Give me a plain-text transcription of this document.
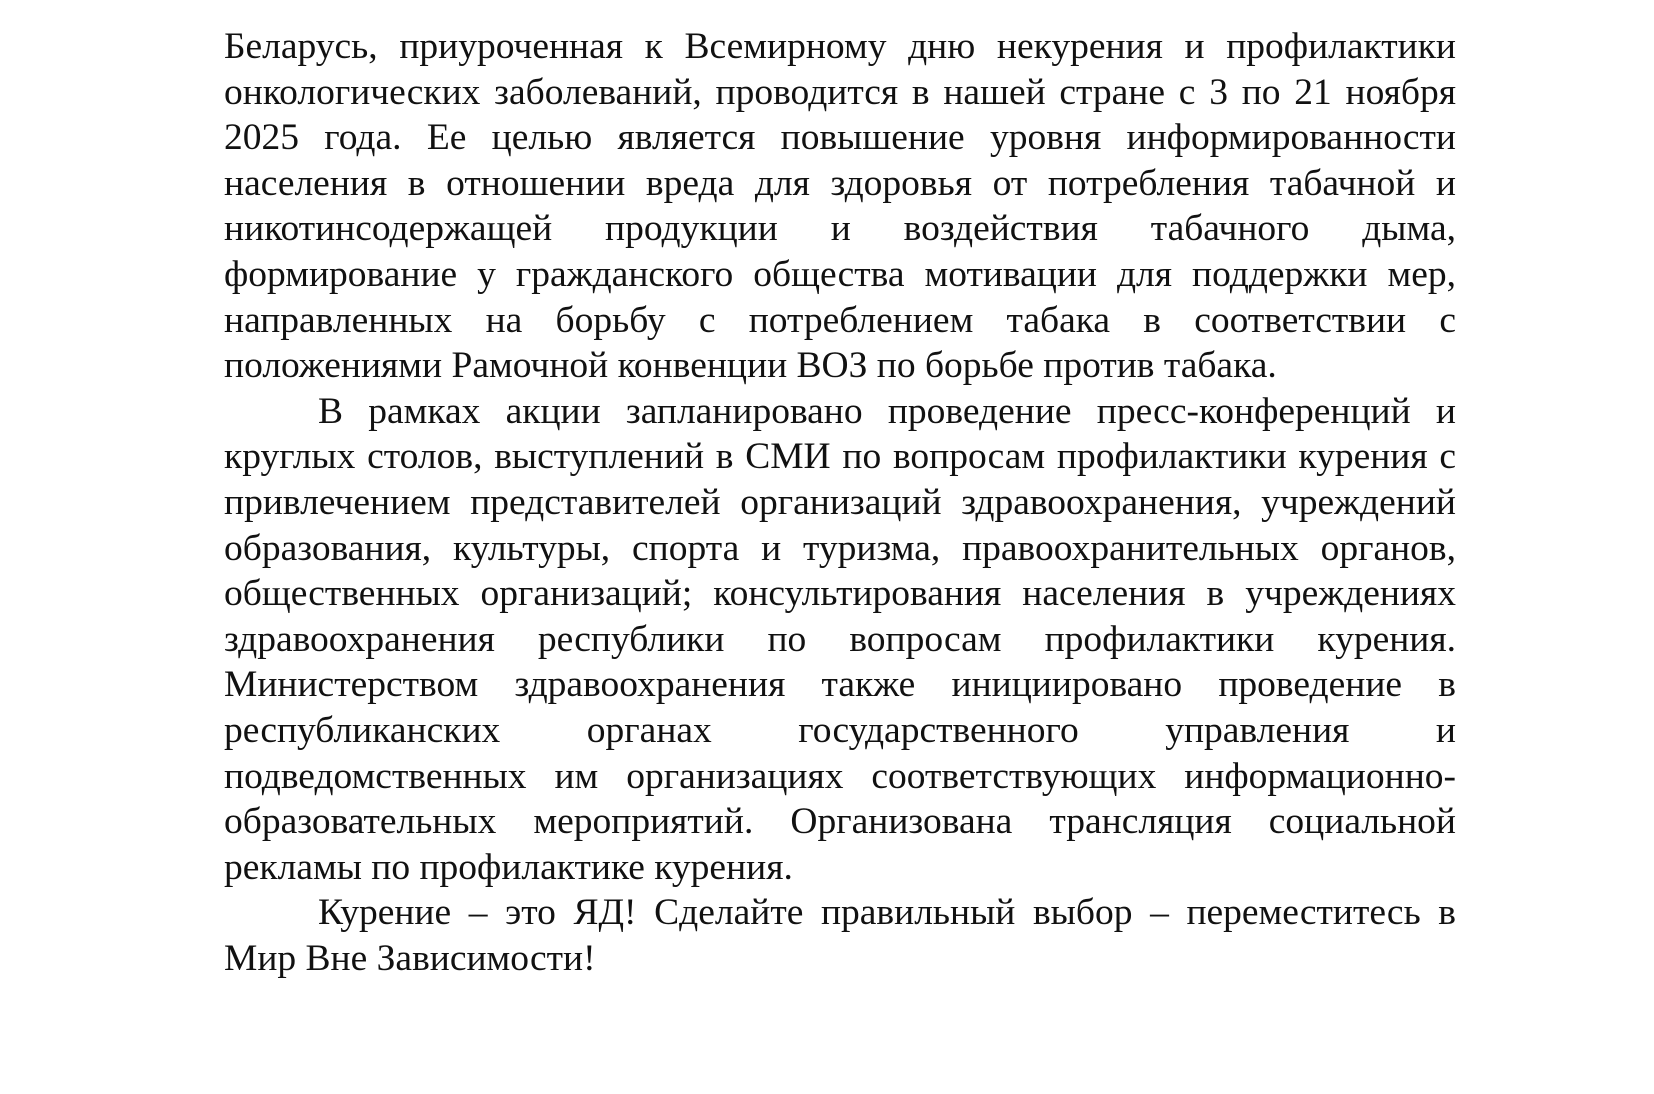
Беларусь, приуроченная к Всемирному дню некурения и профилактики онкологических заболеваний, проводится в нашей стране с 3 по 21 ноября 2025 года. Ее целью является повышение уровня информированности населения в отношении вреда для здоровья от потребления табачной и никотинсодержащей продукции и воздействия табачного дыма, формирование у гражданского общества мотивации для поддержки мер, направленных на борьбу с потреблением табака в соответствии с положениями Рамочной конвенции ВОЗ по борьбе против табака.

В рамках акции запланировано проведение пресс-конференций и круглых столов, выступлений в СМИ по вопросам профилактики курения с привлечением представителей организаций здравоохранения, учреждений образования, культуры, спорта и туризма, правоохранительных органов, общественных организаций; консультирования населения в учреждениях здравоохранения республики по вопросам профилактики курения. Министерством здравоохранения также инициировано проведение в республиканских органах государственного управления и подведомственных им организациях соответствующих информационно-образовательных мероприятий. Организована трансляция социальной рекламы по профилактике курения.

Курение – это ЯД! Сделайте правильный выбор – переместитесь в Мир Вне Зависимости!
